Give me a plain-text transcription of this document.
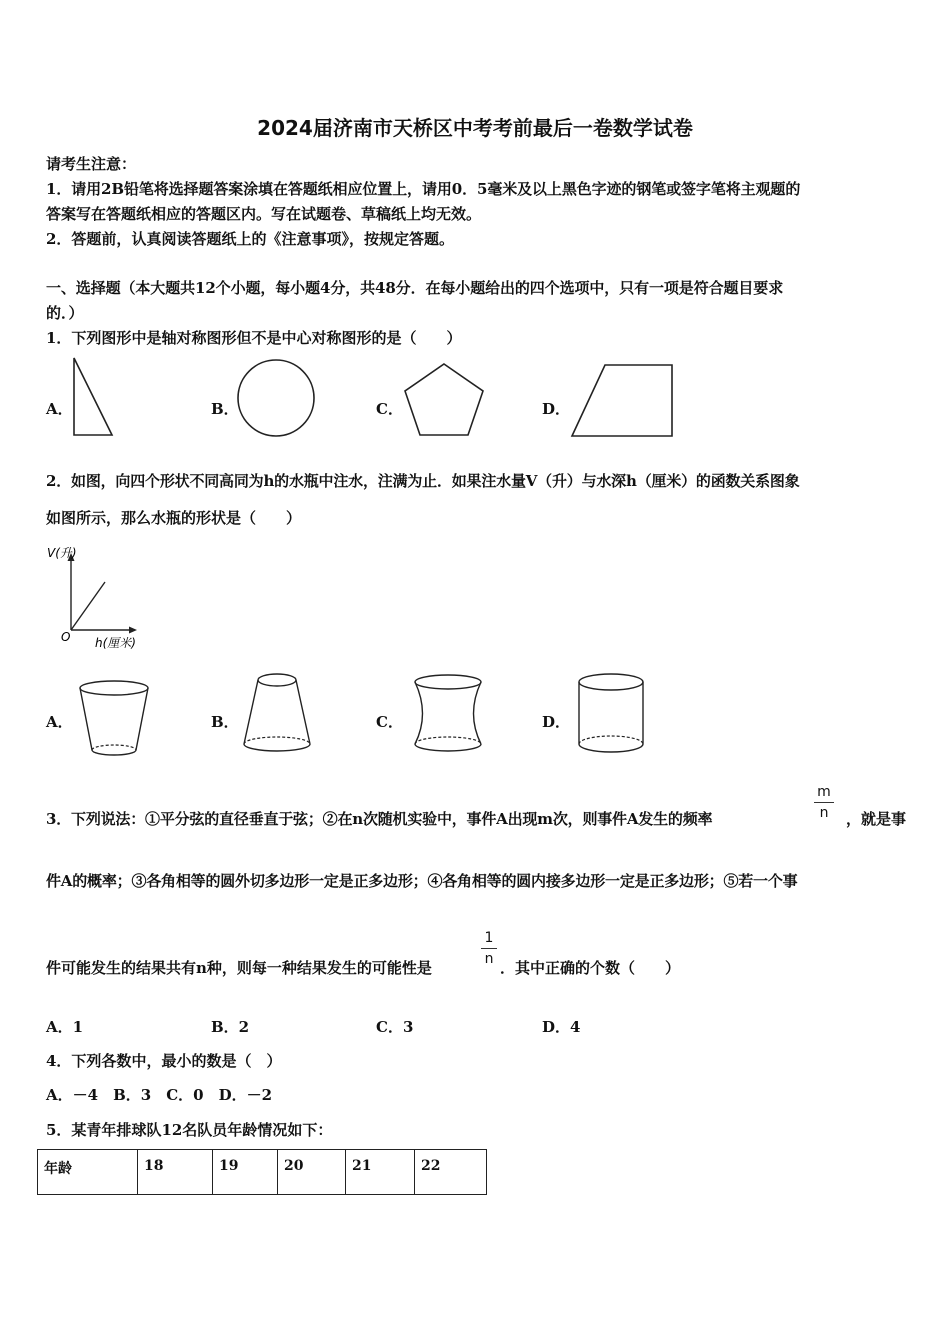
2024届济南市天桥区中考考前最后一卷数学试卷
请考生注意：
1．请用2B铅笔将选择题答案涂填在答题纸相应位置上，请用0．5毫米及以上黑色字迹的钢笔或签字笔将主观题的
答案写在答题纸相应的答题区内。写在试题卷、草稿纸上均无效。
2．答题前，认真阅读答题纸上的《注意事项》，按规定答题。
一、选择题（本大题共12个小题，每小题4分，共48分．在每小题给出的四个选项中，只有一项是符合题目要求
的．）
1．下列图形中是轴对称图形但不是中心对称图形的是（　　）
A．	B．	C．	D．
2．如图，向四个形状不同高同为h的水瓶中注水，注满为止．如果注水量V（升）与水深h（厘米）的函数关系图象
如图所示，那么水瓶的形状是（　　）
V(升)
O h(厘米)
A．	B．	C．	D．
3．下列说法：①平分弦的直径垂直于弦；②在n次随机实验中，事件A出现m次，则事件A发生的频率
m
n	，就是事
件A的概率；③各角相等的圆外切多边形一定是正多边形；④各角相等的圆内接多边形一定是正多边形；⑤若一个事
件可能发生的结果共有n种，则每一种结果发生的可能性是
1
n ．其中正确的个数（　　）
A．1	B．2	C．3	D．4
4．下列各数中，最小的数是（　）
A．－4　B．3　C．0　D．－2
5．某青年排球队12名队员年龄情况如下：
年龄	18	19	20	21	22
